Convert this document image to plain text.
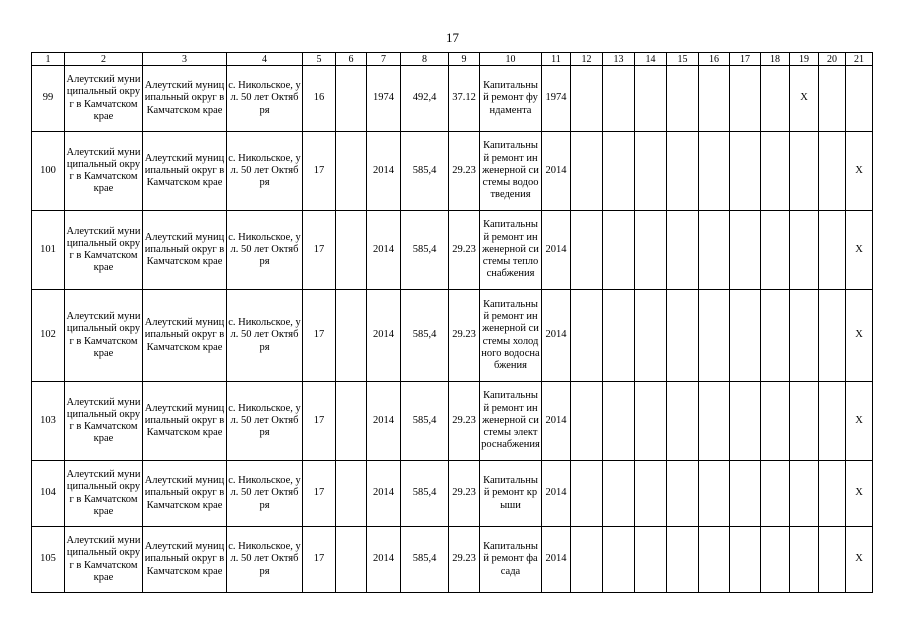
17
1	2	3	4	5	6	7	8	9	10	11	12	13	14	15	16	17	18	19	20	21
99	Алеутский муниципальный округ в Камчатском крае	Алеутский муниципальный округ в Камчатском крае	с. Никольское, ул. 50 лет Октября	16		1974	492,4	37.12	Капитальный ремонт фундамента	1974								X		
100	Алеутский муниципальный округ в Камчатском крае	Алеутский муниципальный округ в Камчатском крае	с. Никольское, ул. 50 лет Октября	17		2014	585,4	29.23	Капитальный ремонт инженерной системы водоотведения	2014										X
101	Алеутский муниципальный округ в Камчатском крае	Алеутский муниципальный округ в Камчатском крае	с. Никольское, ул. 50 лет Октября	17		2014	585,4	29.23	Капитальный ремонт инженерной системы теплоснабжения	2014										X
102	Алеутский муниципальный округ в Камчатском крае	Алеутский муниципальный округ в Камчатском крае	с. Никольское, ул. 50 лет Октября	17		2014	585,4	29.23	Капитальный ремонт инженерной системы холодного водоснабжения	2014										X
103	Алеутский муниципальный округ в Камчатском крае	Алеутский муниципальный округ в Камчатском крае	с. Никольское, ул. 50 лет Октября	17		2014	585,4	29.23	Капитальный ремонт инженерной системы электроснабжения	2014										X
104	Алеутский муниципальный округ в Камчатском крае	Алеутский муниципальный округ в Камчатском крае	с. Никольское, ул. 50 лет Октября	17		2014	585,4	29.23	Капитальный ремонт крыши	2014										X
105	Алеутский муниципальный округ в Камчатском крае	Алеутский муниципальный округ в Камчатском крае	с. Никольское, ул. 50 лет Октября	17		2014	585,4	29.23	Капитальный ремонт фасада	2014										X
